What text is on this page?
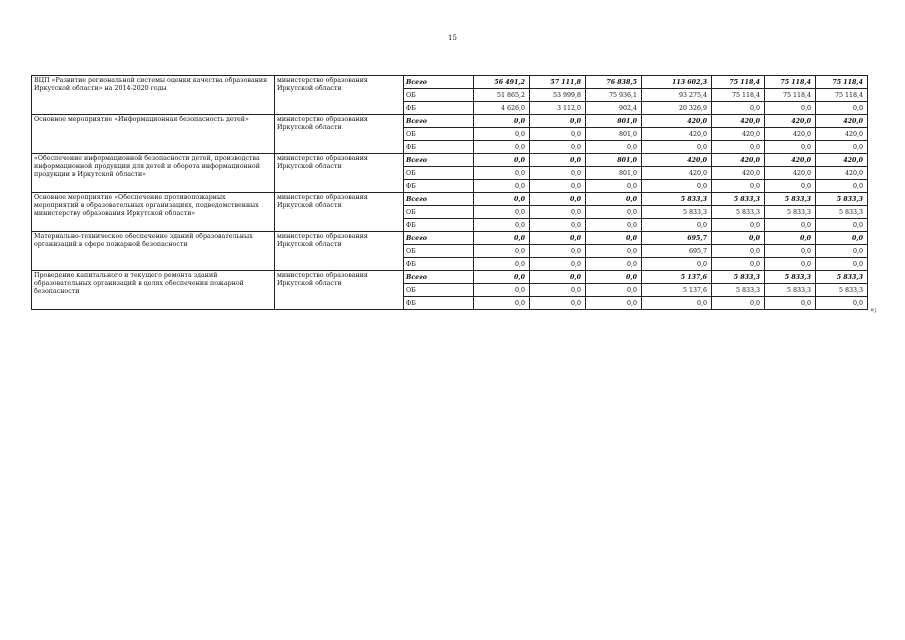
15
ВЦП «Развитие региональной системы оценки качества образования Иркутской области» на 2014-2020 годы	министерство образования Иркутской области	Всего	56 491,2	57 111,8	76 838,5	113 602,3	75 118,4	75 118,4	75 118,4
		ОБ	51 865,2	53 999,8	75 936,1	93 275,4	75 118,4	75 118,4	75 118,4
		ФБ	4 626,0	3 112,0	902,4	20 326,9	0,0	0,0	0,0
Основное мероприятие «Информационная безопасность детей»	министерство образования Иркутской области	Всего	0,0	0,0	801,0	420,0	420,0	420,0	420,0
		ОБ	0,0	0,0	801,0	420,0	420,0	420,0	420,0
		ФБ	0,0	0,0	0,0	0,0	0,0	0,0	0,0
«Обеспечение информационной безопасности детей, производства информационной продукции для детей и оборота информационной продукции в Иркутской области»	министерство образования Иркутской области	Всего	0,0	0,0	801,0	420,0	420,0	420,0	420,0
		ОБ	0,0	0,0	801,0	420,0	420,0	420,0	420,0
		ФБ	0,0	0,0	0,0	0,0	0,0	0,0	0,0
Основное мероприятие «Обеспечение противопожарных мероприятий в образовательных организациях, подведомственных министерству образования Иркутской области»	министерство образования Иркутской области	Всего	0,0	0,0	0,0	5 833,3	5 833,3	5 833,3	5 833,3
		ОБ	0,0	0,0	0,0	5 833,3	5 833,3	5 833,3	5 833,3
		ФБ	0,0	0,0	0,0	0,0	0,0	0,0	0,0
Материально-техническое обеспечение зданий образовательных организаций в сфере пожарной безопасности	министерство образования Иркутской области	Всего	0,0	0,0	0,0	695,7	0,0	0,0	0,0
		ОБ	0,0	0,0	0,0	695,7	0,0	0,0	0,0
		ФБ	0,0	0,0	0,0	0,0	0,0	0,0	0,0
Проведение капитального и текущего ремонта зданий образовательных организаций в целях обеспечения пожарной безопасности	министерство образования Иркутской области	Всего	0,0	0,0	0,0	5 137,6	5 833,3	5 833,3	5 833,3
		ОБ	0,0	0,0	0,0	5 137,6	5 833,3	5 833,3	5 833,3
		ФБ	0,0	0,0	0,0	0,0	0,0	0,0	0,0
»;
